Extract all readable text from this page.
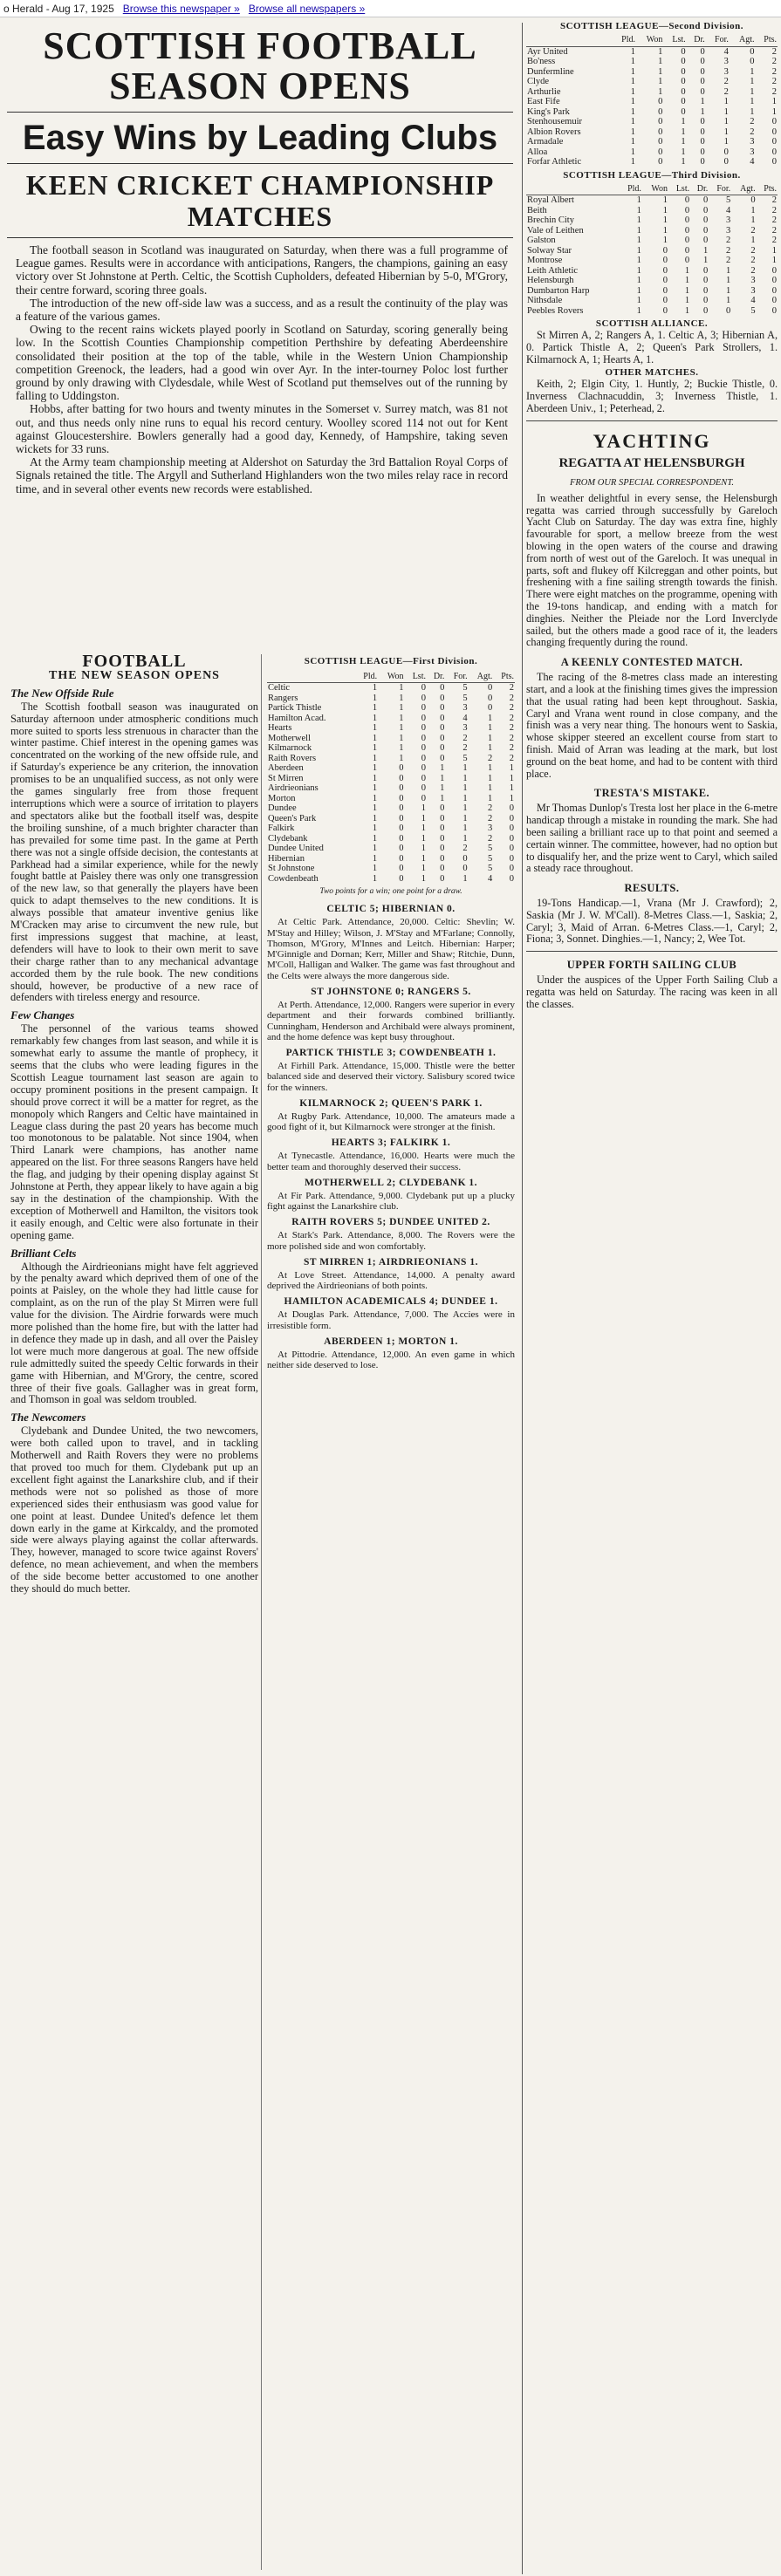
o Herald - Aug 17, 1925 Browse this newspaper » Browse all newspapers »
SCOTTISH FOOTBALL SEASON OPENS
Easy Wins by Leading Clubs
KEEN CRICKET CHAMPIONSHIP MATCHES

The football season in Scotland was inaugurated on Saturday, when there was a full programme of League games. Results were in accordance with anticipations, Rangers, the champions, gaining an easy victory over St Johnstone at Perth. Celtic, the Scottish Cupholders, defeated Hibernian by 5-0, M'Grory, their centre forward, scoring three goals.

The introduction of the new off-side law was a success, and as a result the continuity of the play was a feature of the various games.

Owing to the recent rains wickets played poorly in Scotland on Saturday, scoring generally being low. In the Scottish Counties Championship competition Perthshire by defeating Aberdeenshire consolidated their position at the top of the table, while in the Western Union Championship competition Greenock, the leaders, had a good win over Ayr. In the inter-tourney Poloc lost further ground by only drawing with Clydesdale, while West of Scotland put themselves out of the running by falling to Uddingston.

Hobbs, after batting for two hours and twenty minutes in the Somerset v. Surrey match, was 81 not out, and thus needs only nine runs to equal his record century. Woolley scored 114 not out for Kent against Gloucestershire. Bowlers generally had a good day, Kennedy, of Hampshire, taking seven wickets for 33 runs.

At the Army team championship meeting at Aldershot on Saturday the 3rd Battalion Royal Corps of Signals retained the title. The Argyll and Sutherland Highlanders won the two miles relay race in record time, and in several other events new records were established.

FOOTBALL
THE NEW SEASON OPENS
The New Offside Rule

The Scottish football season was inaugurated on Saturday afternoon under atmospheric conditions much more suited to sports less strenuous in character than the winter pastime. Chief interest in the opening games was concentrated on the working of the new offside rule, and if Saturday's experience be any criterion, the innovation promises to be an unqualified success, as not only were the games singularly free from those frequent interruptions which were a source of irritation to players and spectators alike but the football itself was, despite the broiling sunshine, of a much brighter character than has prevailed for some time past. In the game at Perth there was not a single offside decision, the contestants at Parkhead had a similar experience, while for the newly fought battle at Paisley there was only one transgression of the new law, so that generally the players have been quick to adapt themselves to the new conditions. It is always possible that amateur inventive genius like M'Cracken may arise to circumvent the new rule, but first impressions suggest that machine, at least, defenders will have to look to their own merit to save their charge rather than to any mechanical advantage accorded them by the rule book. The new conditions should, however, be productive of a new race of defenders with tireless energy and resource.

Few Changes

The personnel of the various teams showed remarkably few changes from last season, and while it is somewhat early to assume the mantle of prophecy, it seems that the clubs who were leading figures in the Scottish League tournament last season are again to occupy prominent positions in the present campaign. It should prove correct it will be a matter for regret, as the monopoly which Rangers and Celtic have maintained in League class during the past 20 years has become much too monotonous to be palatable. Not since 1904, when Third Lanark were champions, has another name appeared on the list. For three seasons Rangers have held the flag, and judging by their opening display against St Johnstone at Perth, they appear likely to have again a big say in the destination of the championship. With the exception of Motherwell and Hamilton, the visitors took it easily enough, and Celtic were also fortunate in their opening game.

Brilliant Celts

Although the Airdrieonians might have felt aggrieved by the penalty award which deprived them of one of the points at Paisley, on the whole they had little cause for complaint, as on the run of the play St Mirren were full value for the division. The Airdrie forwards were much more polished than the home fire, but with the latter had in defence they made up in dash, and all over the Paisley lot were much more dangerous at goal. The new offside rule admittedly suited the speedy Celtic forwards in their game with Hibernian, and M'Grory, the centre, scored three of their five goals. Gallagher was in great form, and Thomson in goal was seldom troubled.

The Newcomers

Clydebank and Dundee United, the two newcomers, were both called upon to travel, and in tackling Motherwell and Raith Rovers they were no problems that proved too much for them. Clydebank put up an excellent fight against the Lanarkshire club, and if their methods were not so polished as those of more experienced sides their enthusiasm was good value for one point at least. Dundee United's defence let them down early in the game at Kirkcaldy, and the promoted side were always playing against the collar afterwards. They, however, managed to score twice against Rovers' defence, no mean achievement, and when the members of the side become better accustomed to one another they should do much better.

SCOTTISH LEAGUE—First Division.
	Pld.	Won	Lst.	Dr.	For.	Agt.	Pts.
Celtic	1	1	0	0	5	0	2
Rangers	1	1	0	0	5	0	2
Partick Thistle	1	1	0	0	3	0	2
Hamilton Acad.	1	1	0	0	4	1	2
Hearts	1	1	0	0	3	1	2
Motherwell	1	1	0	0	2	1	2
Kilmarnock	1	1	0	0	2	1	2
Raith Rovers	1	1	0	0	5	2	2
Aberdeen	1	0	0	1	1	1	1
St Mirren	1	0	0	1	1	1	1
Airdrieonians	1	0	0	1	1	1	1
Morton	1	0	0	1	1	1	1
Dundee	1	0	1	0	1	2	0
Queen's Park	1	0	1	0	1	2	0
Falkirk	1	0	1	0	1	3	0
Clydebank	1	0	1	0	1	2	0
Dundee United	1	0	1	0	2	5	0
Hibernian	1	0	1	0	0	5	0
St Johnstone	1	0	1	0	0	5	0
Cowdenbeath	1	0	1	0	1	4	0
Two points for a win; one point for a draw.
CELTIC 5; HIBERNIAN 0.

At Celtic Park. Attendance, 20,000. Celtic: Shevlin; W. M'Stay and Hilley; Wilson, J. M'Stay and M'Farlane; Connolly, Thomson, M'Grory, M'Innes and Leitch. Hibernian: Harper; M'Ginnigle and Dornan; Kerr, Miller and Shaw; Ritchie, Dunn, M'Coll, Halligan and Walker. The game was fast throughout and the Celts were always the more dangerous side.

ST JOHNSTONE 0; RANGERS 5.

At Perth. Attendance, 12,000. Rangers were superior in every department and their forwards combined brilliantly. Cunningham, Henderson and Archibald were always prominent, and the home defence was kept busy throughout.

PARTICK THISTLE 3; COWDENBEATH 1.

At Firhill Park. Attendance, 15,000. Thistle were the better balanced side and deserved their victory. Salisbury scored twice for the winners.

KILMARNOCK 2; QUEEN'S PARK 1.

At Rugby Park. Attendance, 10,000. The amateurs made a good fight of it, but Kilmarnock were stronger at the finish.

HEARTS 3; FALKIRK 1.

At Tynecastle. Attendance, 16,000. Hearts were much the better team and thoroughly deserved their success.

MOTHERWELL 2; CLYDEBANK 1.

At Fir Park. Attendance, 9,000. Clydebank put up a plucky fight against the Lanarkshire club.

RAITH ROVERS 5; DUNDEE UNITED 2.

At Stark's Park. Attendance, 8,000. The Rovers were the more polished side and won comfortably.

ST MIRREN 1; AIRDRIEONIANS 1.

At Love Street. Attendance, 14,000. A penalty award deprived the Airdrieonians of both points.

HAMILTON ACADEMICALS 4; DUNDEE 1.

At Douglas Park. Attendance, 7,000. The Accies were in irresistible form.

ABERDEEN 1; MORTON 1.

At Pittodrie. Attendance, 12,000. An even game in which neither side deserved to lose.

SCOTTISH LEAGUE—Second Division.
	Pld.	Won	Lst.	Dr.	For.	Agt.	Pts.
Ayr United	1	1	0	0	4	0	2
Bo'ness	1	1	0	0	3	0	2
Dunfermline	1	1	0	0	3	1	2
Clyde	1	1	0	0	2	1	2
Arthurlie	1	1	0	0	2	1	2
East Fife	1	0	0	1	1	1	1
King's Park	1	0	0	1	1	1	1
Stenhousemuir	1	0	1	0	1	2	0
Albion Rovers	1	0	1	0	1	2	0
Armadale	1	0	1	0	1	3	0
Alloa	1	0	1	0	0	3	0
Forfar Athletic	1	0	1	0	0	4	0
SCOTTISH LEAGUE—Third Division.
	Pld.	Won	Lst.	Dr.	For.	Agt.	Pts.
Royal Albert	1	1	0	0	5	0	2
Beith	1	1	0	0	4	1	2
Brechin City	1	1	0	0	3	1	2
Vale of Leithen	1	1	0	0	3	2	2
Galston	1	1	0	0	2	1	2
Solway Star	1	0	0	1	2	2	1
Montrose	1	0	0	1	2	2	1
Leith Athletic	1	0	1	0	1	2	0
Helensburgh	1	0	1	0	1	3	0
Dumbarton Harp	1	0	1	0	1	3	0
Nithsdale	1	0	1	0	1	4	0
Peebles Rovers	1	0	1	0	0	5	0
SCOTTISH ALLIANCE.

St Mirren A, 2; Rangers A, 1. Celtic A, 3; Hibernian A, 0. Partick Thistle A, 2; Queen's Park Strollers, 1. Kilmarnock A, 1; Hearts A, 1.

OTHER MATCHES.

Keith, 2; Elgin City, 1. Huntly, 2; Buckie Thistle, 0. Inverness Clachnacuddin, 3; Inverness Thistle, 1. Aberdeen Univ., 1; Peterhead, 2.

YACHTING
REGATTA AT HELENSBURGH
FROM OUR SPECIAL CORRESPONDENT.

In weather delightful in every sense, the Helensburgh regatta was carried through successfully by Gareloch Yacht Club on Saturday. The day was extra fine, highly favourable for sport, a mellow breeze from the west blowing in the open waters of the course and drawing from north of west out of the Gareloch. It was unequal in parts, soft and flukey off Kilcreggan and other points, but freshening with a fine sailing strength towards the finish. There were eight matches on the programme, opening with the 19-tons handicap, and ending with a match for dinghies. Neither the Pleiade nor the Lord Inverclyde sailed, but the others made a good race of it, the leaders changing frequently during the round.

A KEENLY CONTESTED MATCH.

The racing of the 8-metres class made an interesting start, and a look at the finishing times gives the impression that the usual rating had been kept throughout. Saskia, Caryl and Vrana went round in close company, and the finish was a very near thing. The honours went to Saskia, whose skipper steered an excellent course from start to finish. Maid of Arran was leading at the mark, but lost ground on the beat home, and had to be content with third place.

TRESTA'S MISTAKE.

Mr Thomas Dunlop's Tresta lost her place in the 6-metre handicap through a mistake in rounding the mark. She had been sailing a brilliant race up to that point and seemed a certain winner. The committee, however, had no option but to disqualify her, and the prize went to Caryl, which sailed a steady race throughout.

RESULTS.

19-Tons Handicap.—1, Vrana (Mr J. Crawford); 2, Saskia (Mr J. W. M'Call). 8-Metres Class.—1, Saskia; 2, Caryl; 3, Maid of Arran. 6-Metres Class.—1, Caryl; 2, Fiona; 3, Sonnet. Dinghies.—1, Nancy; 2, Wee Tot.

UPPER FORTH SAILING CLUB

Under the auspices of the Upper Forth Sailing Club a regatta was held on Saturday. The racing was keen in all the classes.
